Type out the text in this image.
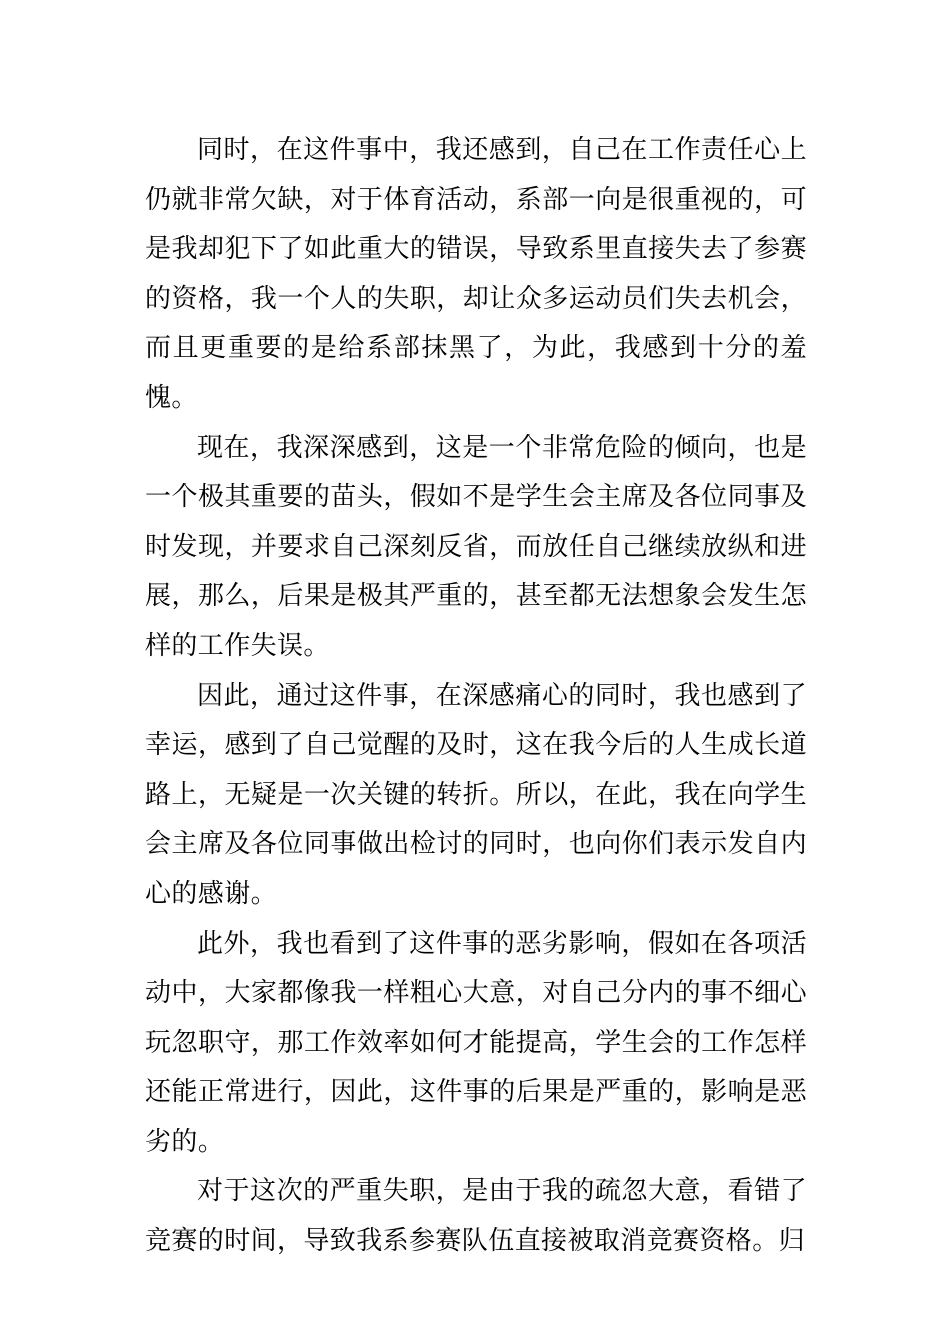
同时，在这件事中，我还感到，自己在工作责任心上仍就非常欠缺，对于体育活动，系部一向是很重视的，可是我却犯下了如此重大的错误，导致系里直接失去了参赛的资格，我一个人的失职，却让众多运动员们失去机会，而且更重要的是给系部抹黑了，为此，我感到十分的羞愧。

现在，我深深感到，这是一个非常危险的倾向，也是一个极其重要的苗头，假如不是学生会主席及各位同事及时发现，并要求自己深刻反省，而放任自己继续放纵和进展，那么，后果是极其严重的，甚至都无法想象会发生怎样的工作失误。

因此，通过这件事，在深感痛心的同时，我也感到了幸运，感到了自己觉醒的及时，这在我今后的人生成长道路上，无疑是一次关键的转折。所以，在此，我在向学生会主席及各位同事做出检讨的同时，也向你们表示发自内心的感谢。

此外，我也看到了这件事的恶劣影响，假如在各项活动中，大家都像我一样粗心大意，对自己分内的事不细心玩忽职守，那工作效率如何才能提高，学生会的工作怎样还能正常进行，因此，这件事的后果是严重的，影响是恶劣的。

对于这次的严重失职，是由于我的疏忽大意，看错了竞赛的时间，导致我系参赛队伍直接被取消竞赛资格。归
